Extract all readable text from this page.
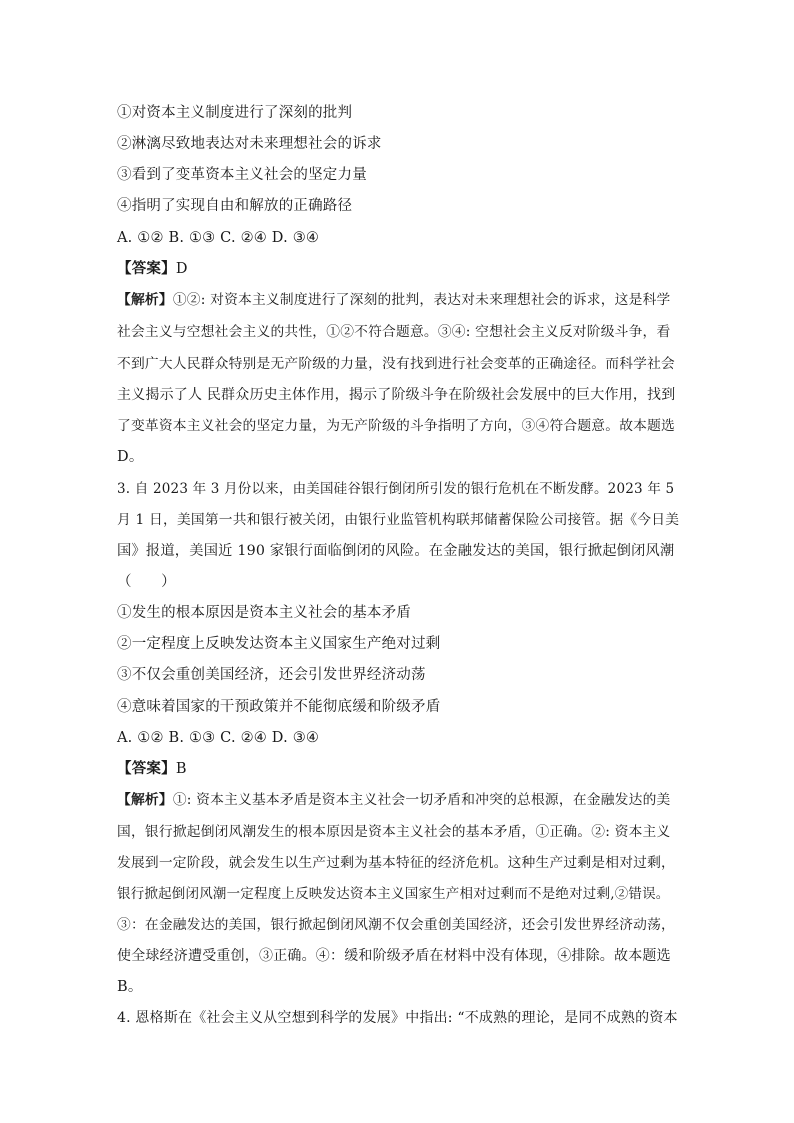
①对资本主义制度进行了深刻的批判
②淋漓尽致地表达对未来理想社会的诉求
③看到了变革资本主义社会的坚定力量
④指明了实现自由和解放的正确路径
A. ①② B. ①③ C. ②④ D. ③④
【答案】D
【解析】①②: 对资本主义制度进行了深刻的批判，表达对未来理想社会的诉求，这是科学
社会主义与空想社会主义的共性，①②不符合题意。③④: 空想社会主义反对阶级斗争，看
不到广大人民群众特别是无产阶级的力量，没有找到进行社会变革的正确途径。而科学社会
主义揭示了人 民群众历史主体作用，揭示了阶级斗争在阶级社会发展中的巨大作用，找到
了变革资本主义社会的坚定力量，为无产阶级的斗争指明了方向，③④符合题意。故本题选
D。
3. 自 2023 年 3 月份以来，由美国硅谷银行倒闭所引发的银行危机在不断发酵。2023 年 5
月 1 日，美国第一共和银行被关闭，由银行业监管机构联邦储蓄保险公司接管。据《今日美
国》报道，美国近 190 家银行面临倒闭的风险。在金融发达的美国，银行掀起倒闭风潮
（　　）
①发生的根本原因是资本主义社会的基本矛盾
②一定程度上反映发达资本主义国家生产绝对过剩
③不仅会重创美国经济，还会引发世界经济动荡
④意味着国家的干预政策并不能彻底缓和阶级矛盾
A. ①② B. ①③ C. ②④ D. ③④
【答案】B
【解析】①: 资本主义基本矛盾是资本主义社会一切矛盾和冲突的总根源，在金融发达的美
国，银行掀起倒闭风潮发生的根本原因是资本主义社会的基本矛盾，①正确。②: 资本主义
发展到一定阶段，就会发生以生产过剩为基本特征的经济危机。这种生产过剩是相对过剩，
银行掀起倒闭风潮一定程度上反映发达资本主义国家生产相对过剩而不是绝对过剩,②错误。
③：在金融发达的美国，银行掀起倒闭风潮不仅会重创美国经济，还会引发世界经济动荡，
使全球经济遭受重创，③正确。④：缓和阶级矛盾在材料中没有体现，④排除。故本题选
B。
4. 恩格斯在《社会主义从空想到科学的发展》中指出: “不成熟的理论，是同不成熟的资本
